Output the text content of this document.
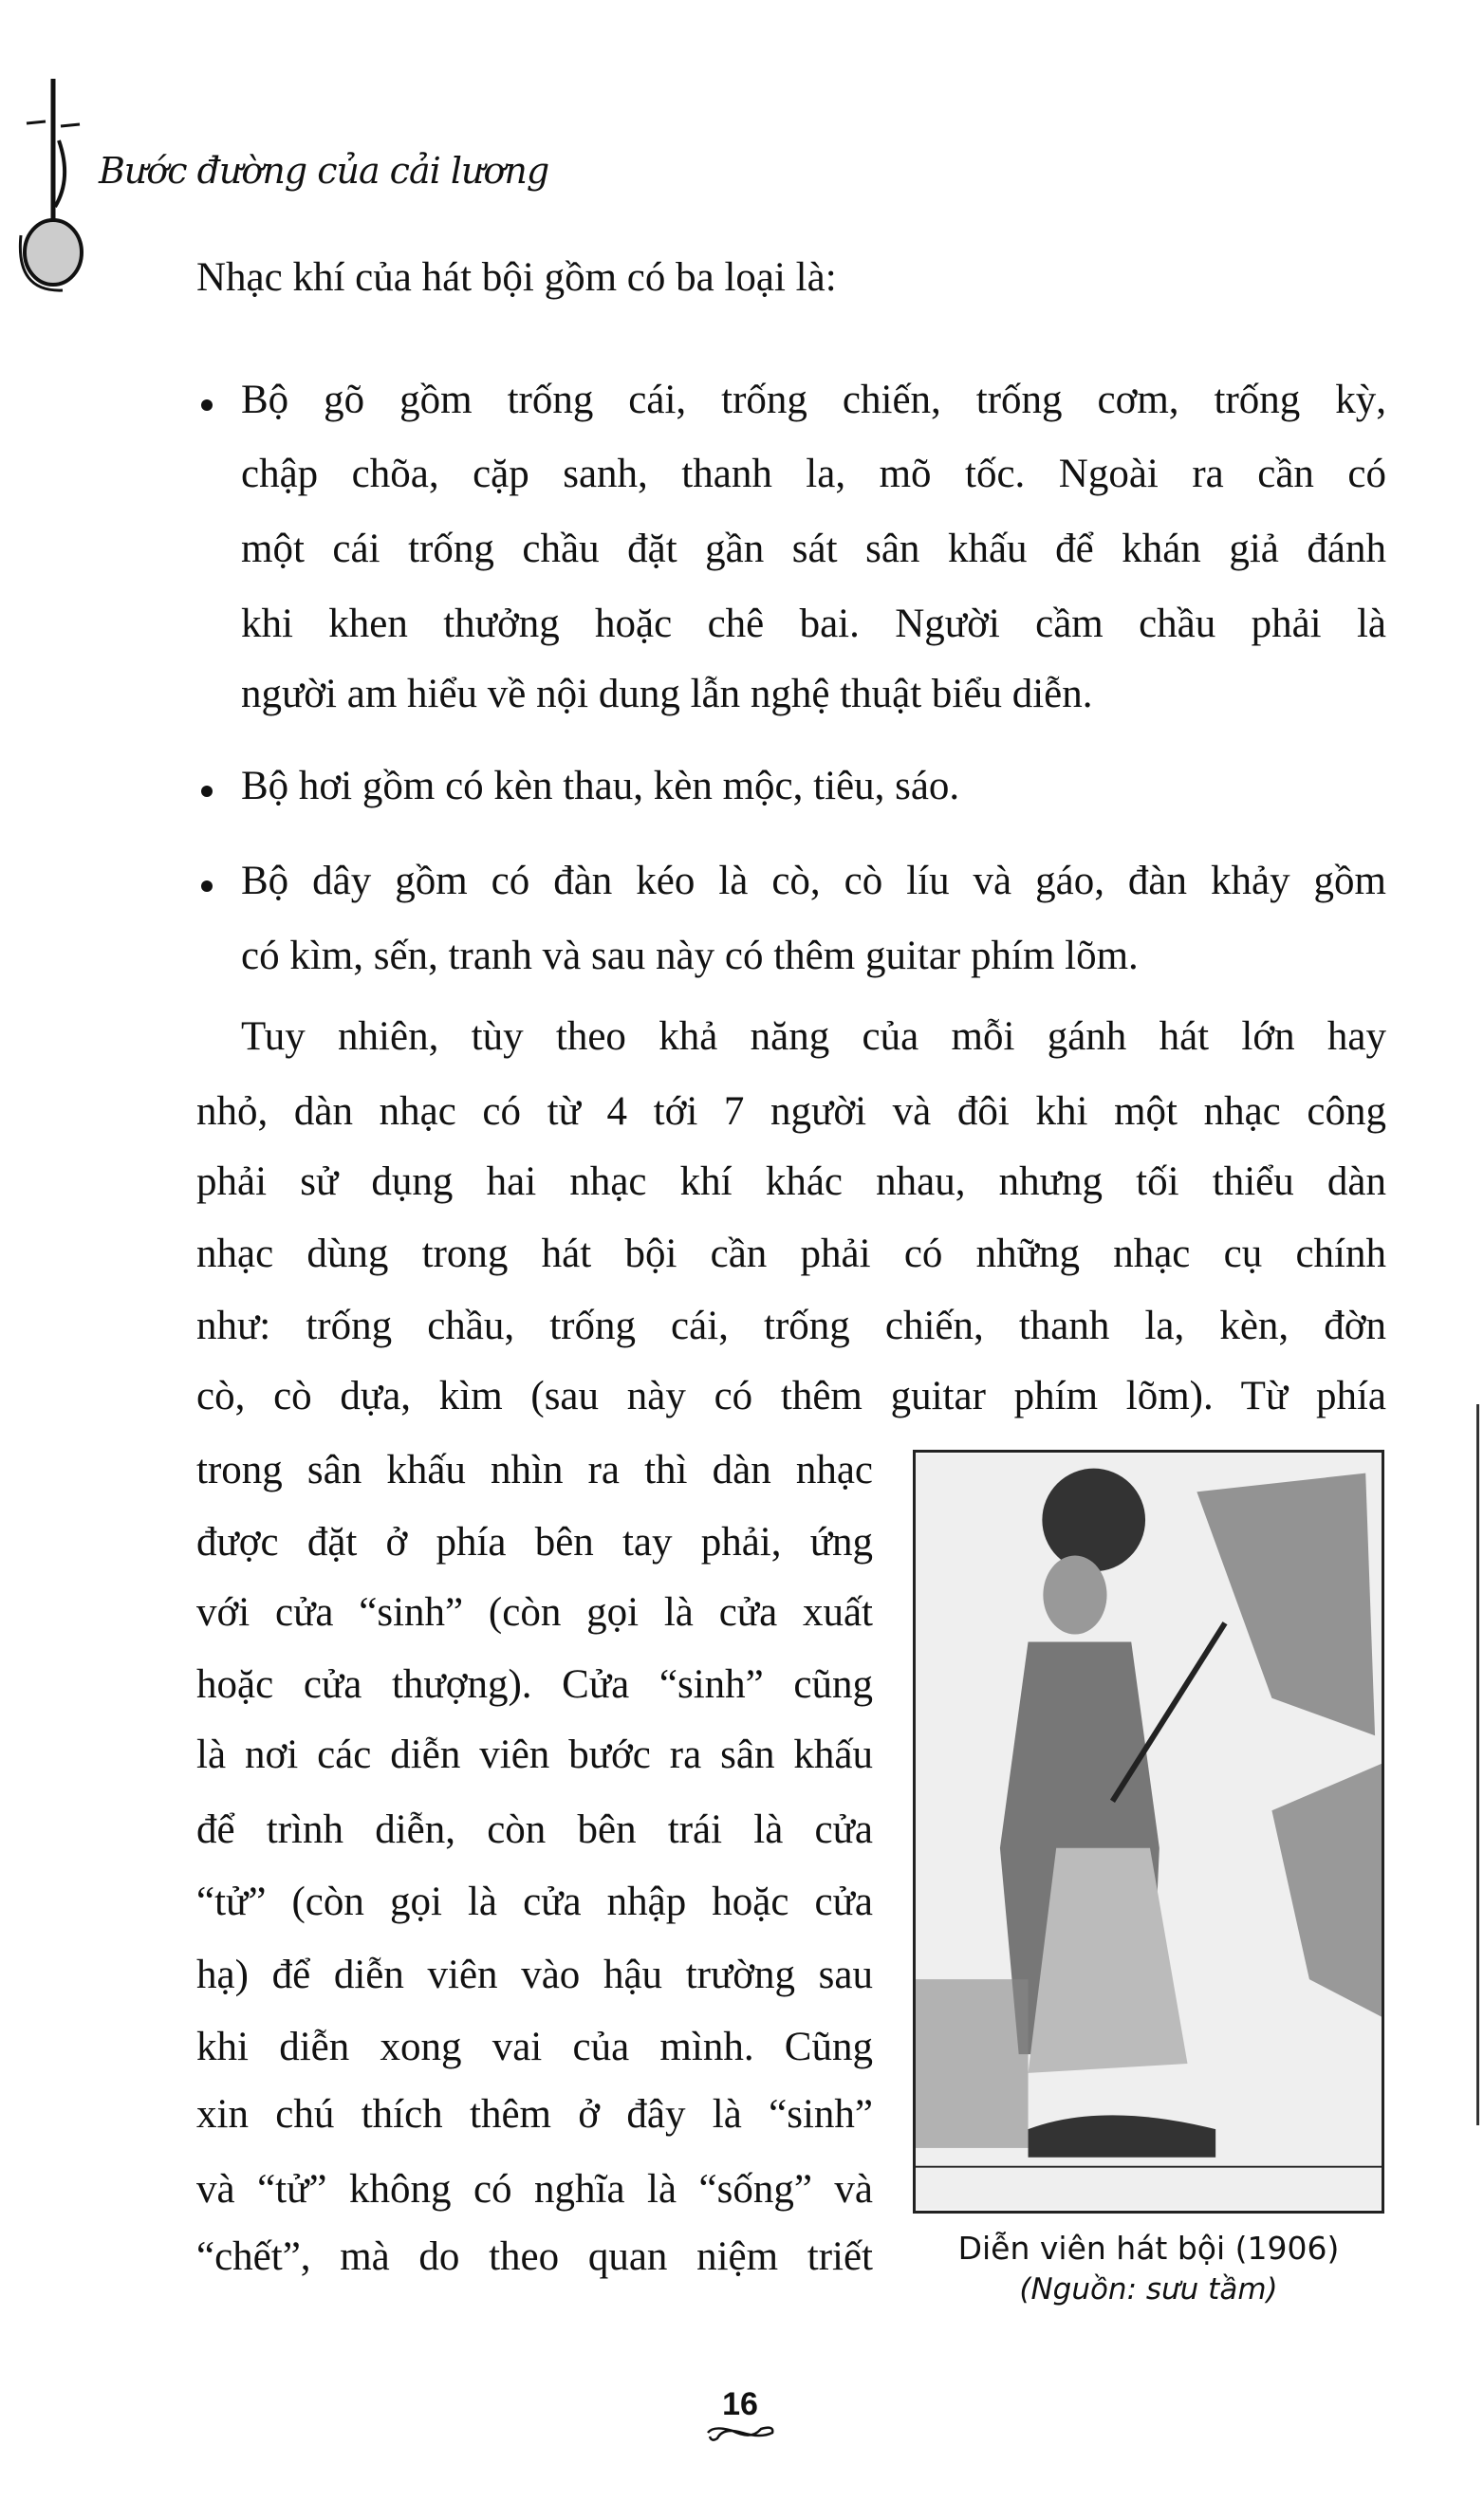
Bước đường của cải lương
Nhạc khí của hát bội gồm có ba loại là:
Bộ gõ gồm trống cái, trống chiến, trống cơm, trống kỳ,
chập chõa, cặp sanh, thanh la, mõ tốc. Ngoài ra cần có
một cái trống chầu đặt gần sát sân khấu để khán giả đánh
khi khen thưởng hoặc chê bai. Người cầm chầu phải là
người am hiểu về nội dung lẫn nghệ thuật biểu diễn.
Bộ hơi gồm có kèn thau, kèn mộc, tiêu, sáo.
Bộ dây gồm có đàn kéo là cò, cò líu và gáo, đàn khảy gồm
có kìm, sến, tranh và sau này có thêm guitar phím lõm.
Tuy nhiên, tùy theo khả năng của mỗi gánh hát lớn hay
nhỏ, dàn nhạc có từ 4 tới 7 người và đôi khi một nhạc công
phải sử dụng hai nhạc khí khác nhau, nhưng tối thiểu dàn
nhạc dùng trong hát bội cần phải có những nhạc cụ chính
như: trống chầu, trống cái, trống chiến, thanh la, kèn, đờn
cò, cò dựa, kìm (sau này có thêm guitar phím lõm). Từ phía
trong sân khấu nhìn ra thì dàn nhạc
được đặt ở phía bên tay phải, ứng
với cửa “sinh” (còn gọi là cửa xuất
hoặc cửa thượng). Cửa “sinh” cũng
là nơi các diễn viên bước ra sân khấu
để trình diễn, còn bên trái là cửa
“tử” (còn gọi là cửa nhập hoặc cửa
hạ) để diễn viên vào hậu trường sau
khi diễn xong vai của mình. Cũng
xin chú thích thêm ở đây là “sinh”
và “tử” không có nghĩa là “sống” và
“chết”, mà do theo quan niệm triết	Diễn viên hát bội (1906)
(Nguồn: sưu tầm)
16
